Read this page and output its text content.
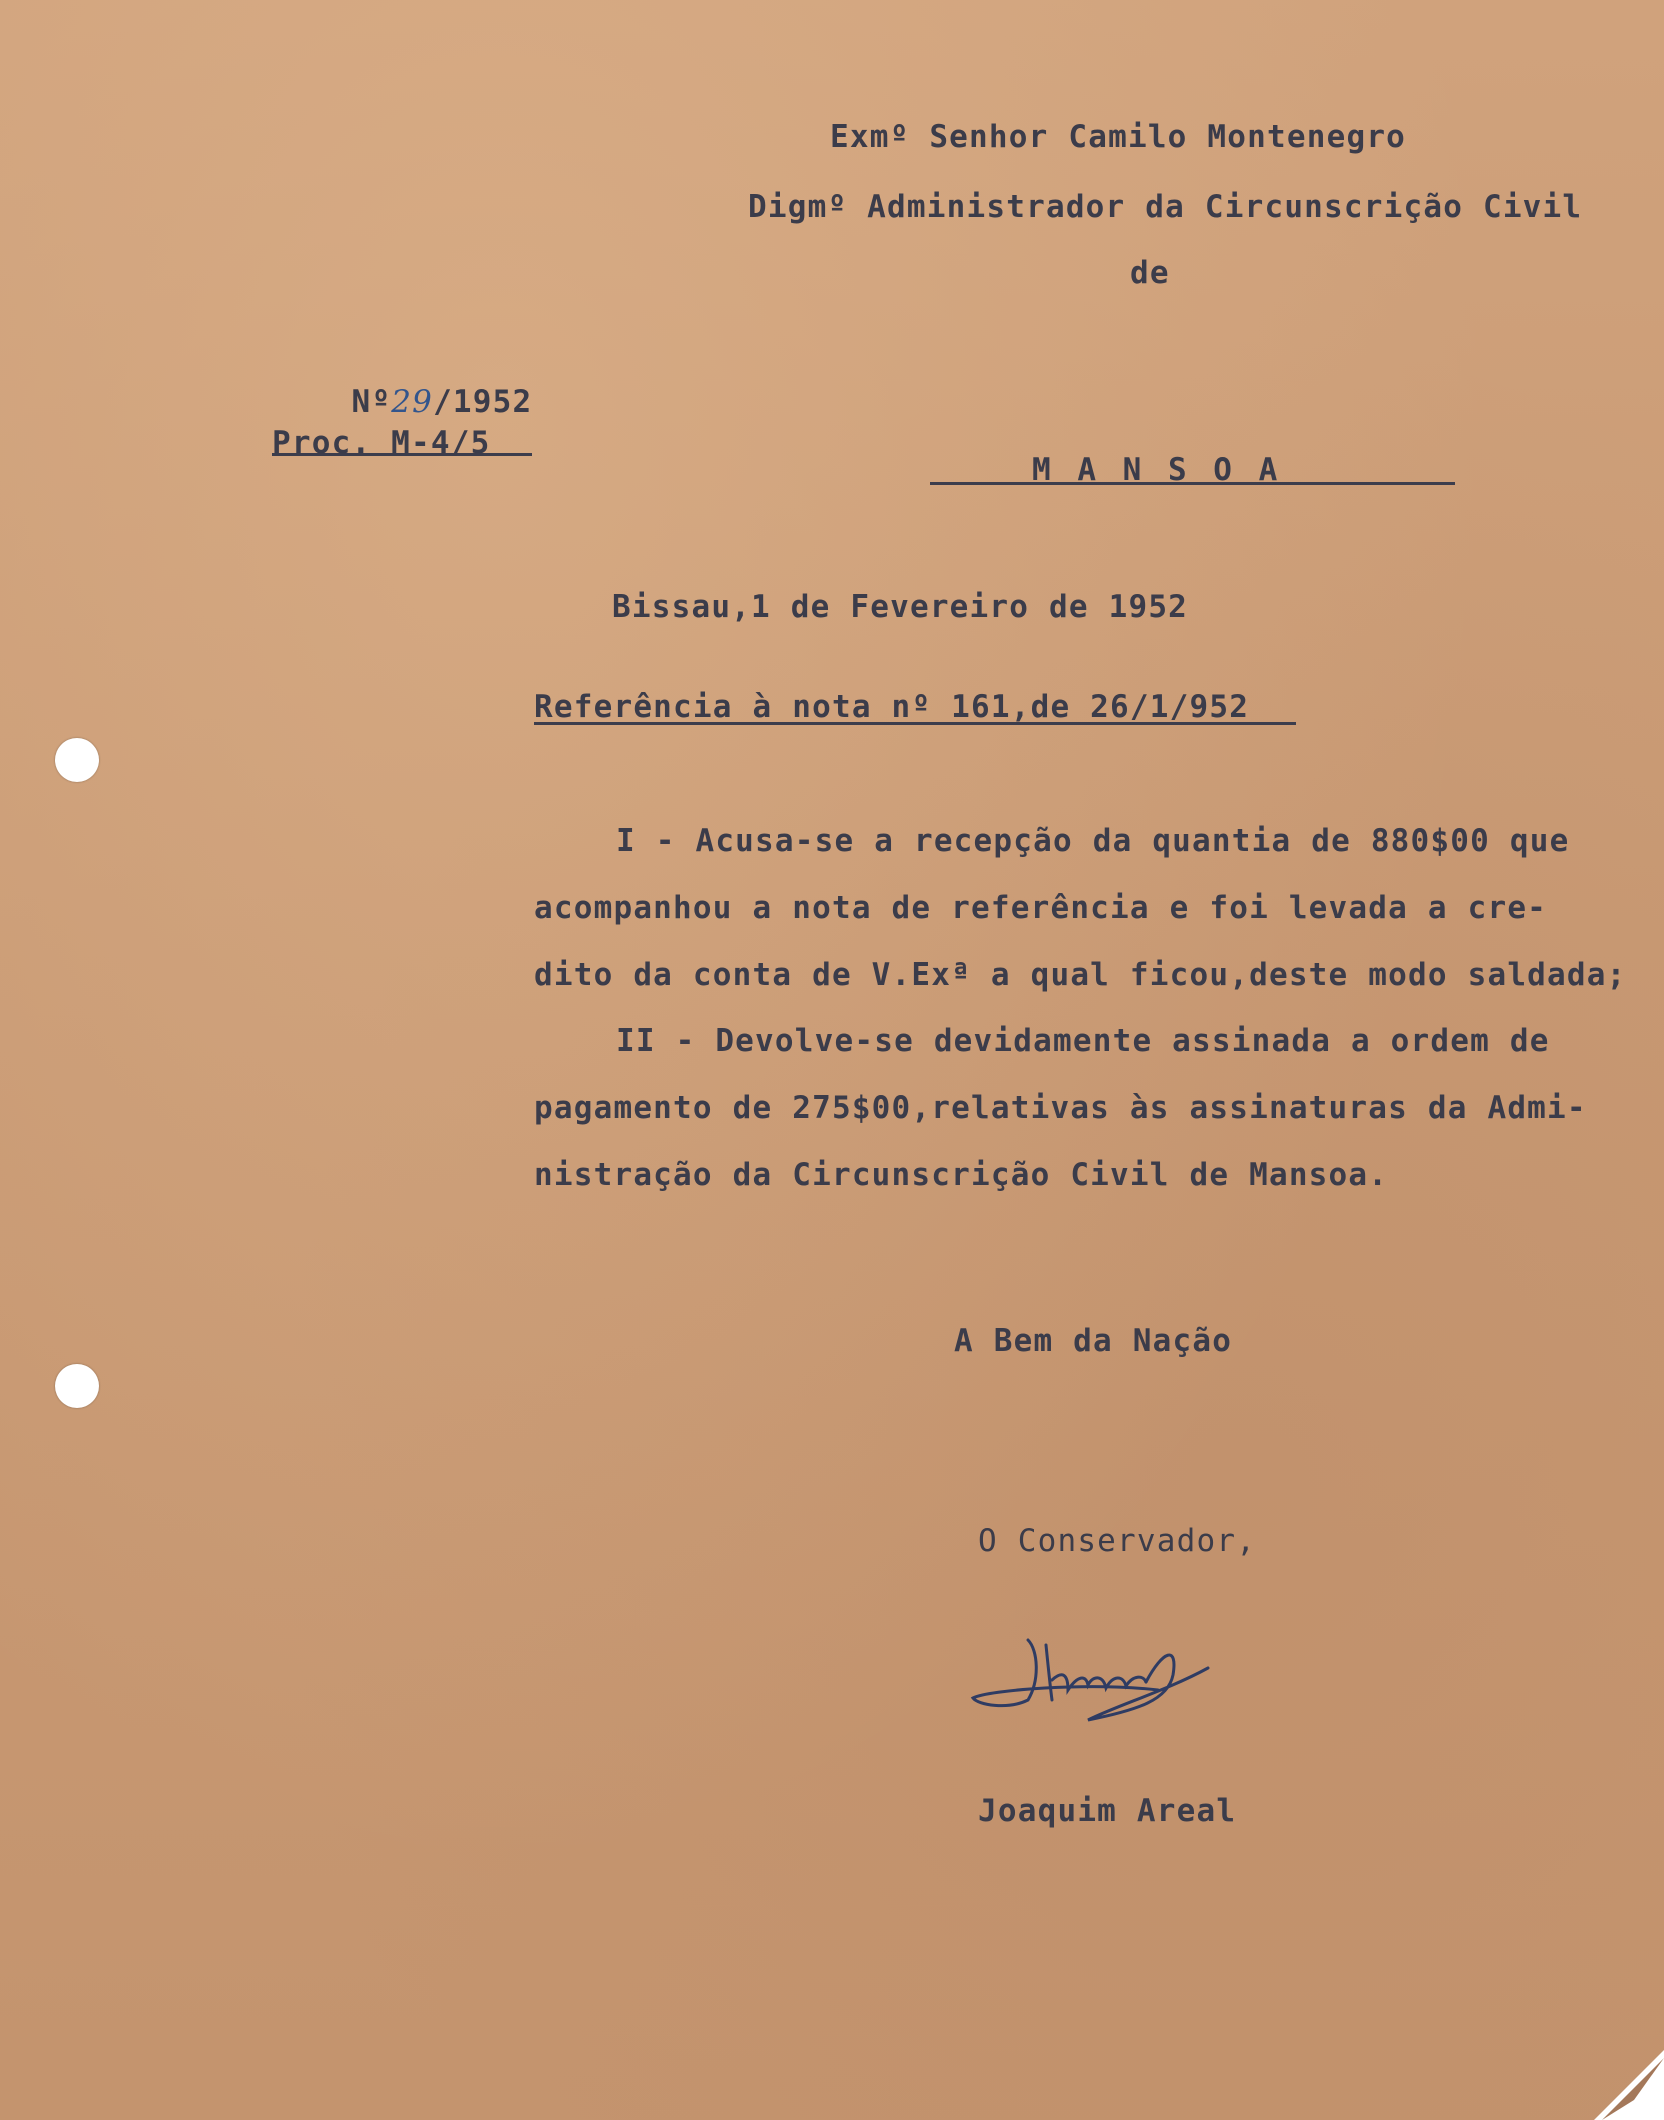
Exmº Senhor Camilo Montenegro
Digmº Administrador da Circunscrição Civil
de

Nº29/1952

Proc. M-4/5
M A N S O A
Bissau,1 de Fevereiro de 1952
Referência à nota nº 161,de 26/1/952
I - Acusa-se a recepção da quantia de 880$00 que
acompanhou a nota de referência e foi levada a cre-
dito da conta de V.Exª a qual ficou,deste modo saldada;
II - Devolve-se devidamente assinada a ordem de
pagamento de 275$00,relativas às assinaturas da Admi-
nistração da Circunscrição Civil de Mansoa.
A Bem da Nação
O Conservador,
Joaquim Areal
